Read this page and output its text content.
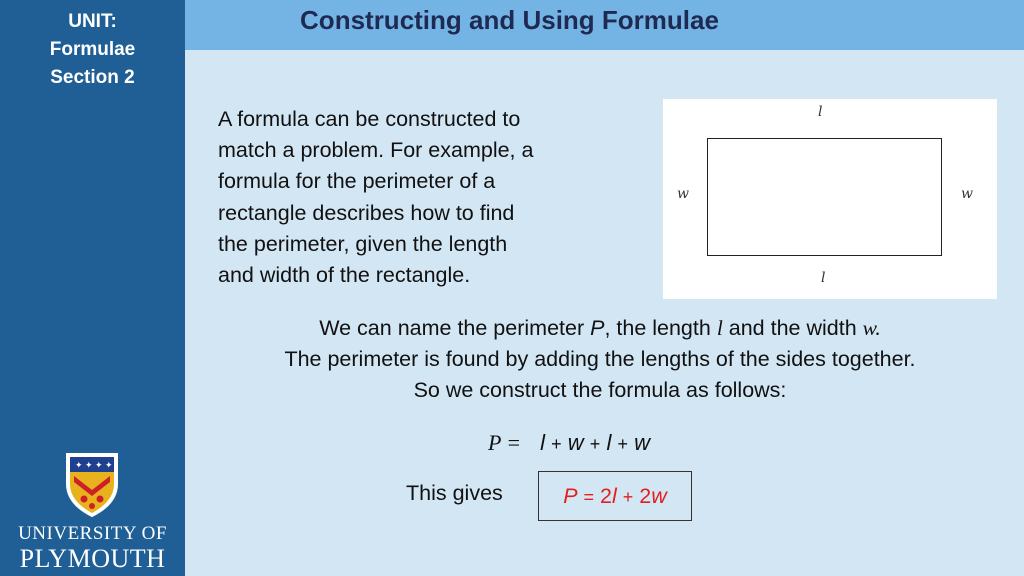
UNIT:
Formulae
Section 2
✦ ✦ ✦ ✦
UNIVERSITY OF
PLYMOUTH
Constructing and Using Formulae
A formula can be constructed to
match a problem. For example, a
formula for the perimeter of a
rectangle describes how to find
the perimeter, given the length
and width of the rectangle.
l
l
w	w
We can name the perimeter P, the length l and the width w.
The perimeter is found by adding the lengths of the sides together.
So we construct the formula as follows:
P = l + w + l + w
This gives	P = 2l + 2w
